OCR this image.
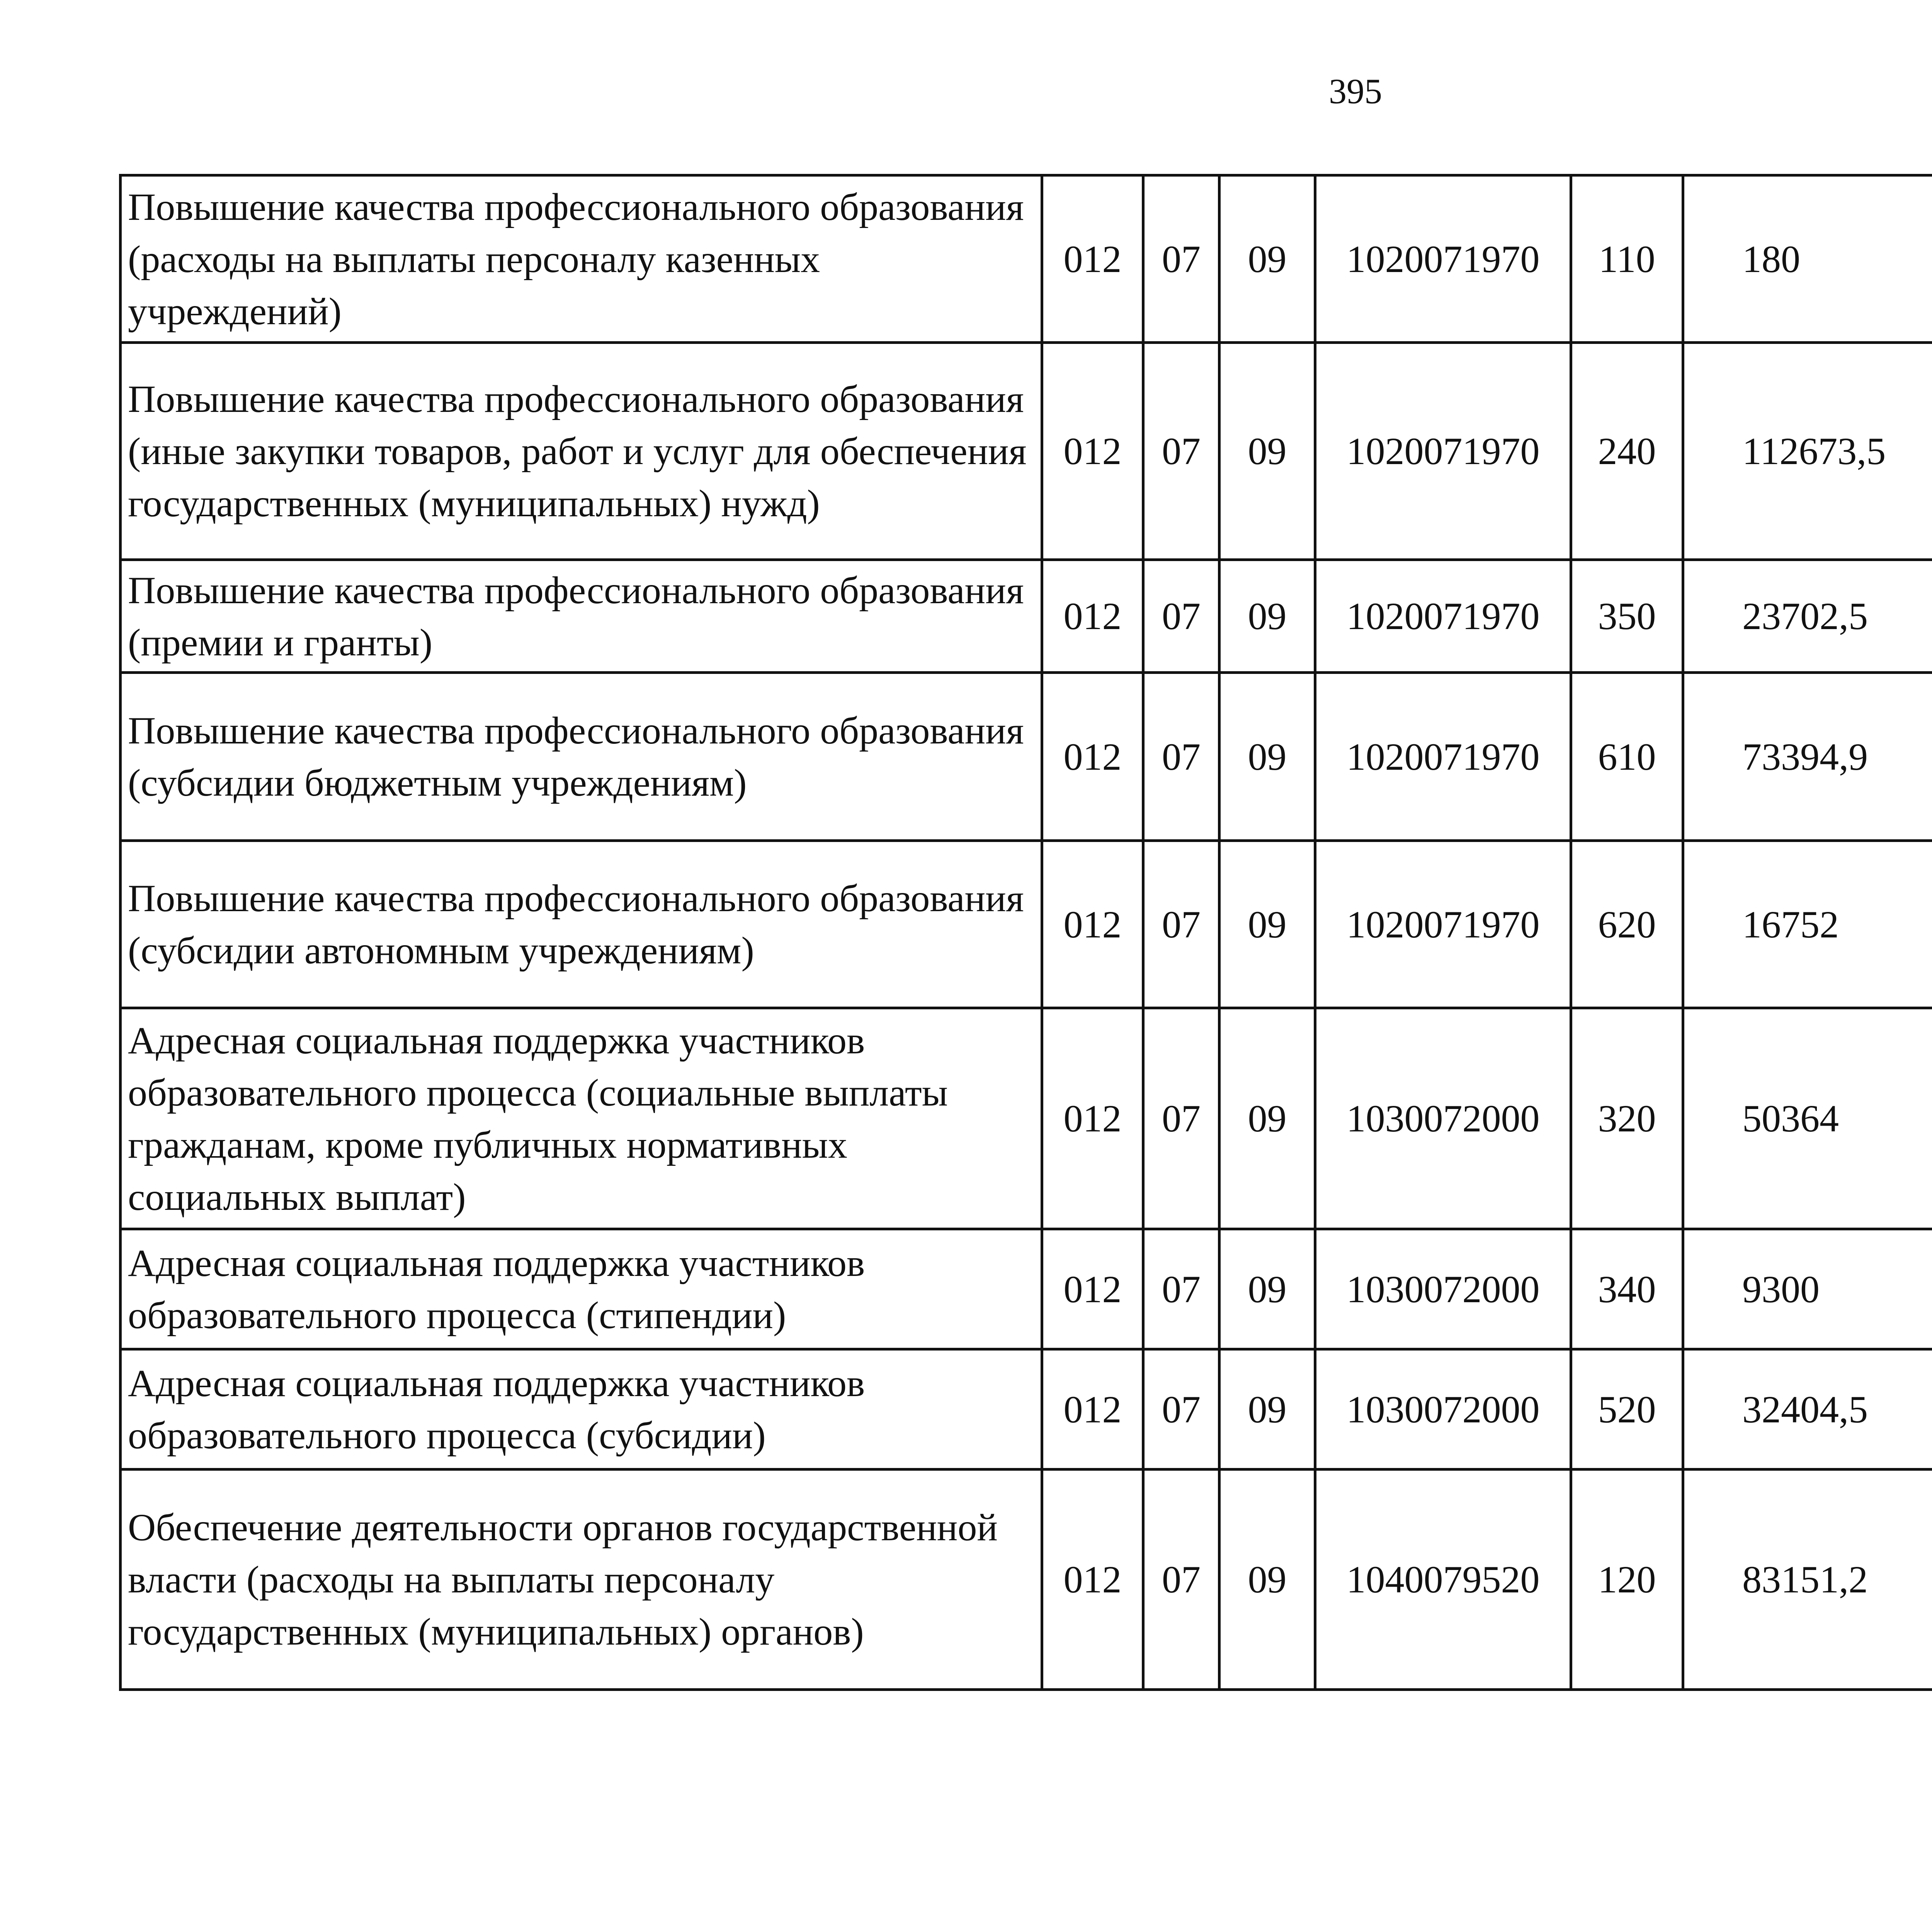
395
Повышение качества профессионального образования (расходы на выплаты персоналу казенных учреждений)	012	07	09	1020071970	110	180		
Повышение качества профессионального образования (иные закупки товаров, работ и услуг для обеспечения государственных (муниципальных) нужд)	012	07	09	1020071970	240	112673,5		
Повышение качества профессионального образования (премии и гранты)	012	07	09	1020071970	350	23702,5		
Повышение качества профессионального образования (субсидии бюджетным учреждениям)	012	07	09	1020071970	610	73394,9		
Повышение качества профессионального образования (субсидии автономным учреждениям)	012	07	09	1020071970	620	16752		
Адресная социальная поддержка участников образовательного процесса (социальные выплаты гражданам, кроме публичных нормативных социальных выплат)	012	07	09	1030072000	320	50364		
Адресная социальная поддержка участников образовательного процесса (стипендии)	012	07	09	1030072000	340	9300		
Адресная социальная поддержка участников образовательного процесса (субсидии)	012	07	09	1030072000	520	32404,5		
Обеспечение деятельности органов государственной власти (расходы на выплаты персоналу государственных (муниципальных) органов)	012	07	09	1040079520	120	83151,2		
